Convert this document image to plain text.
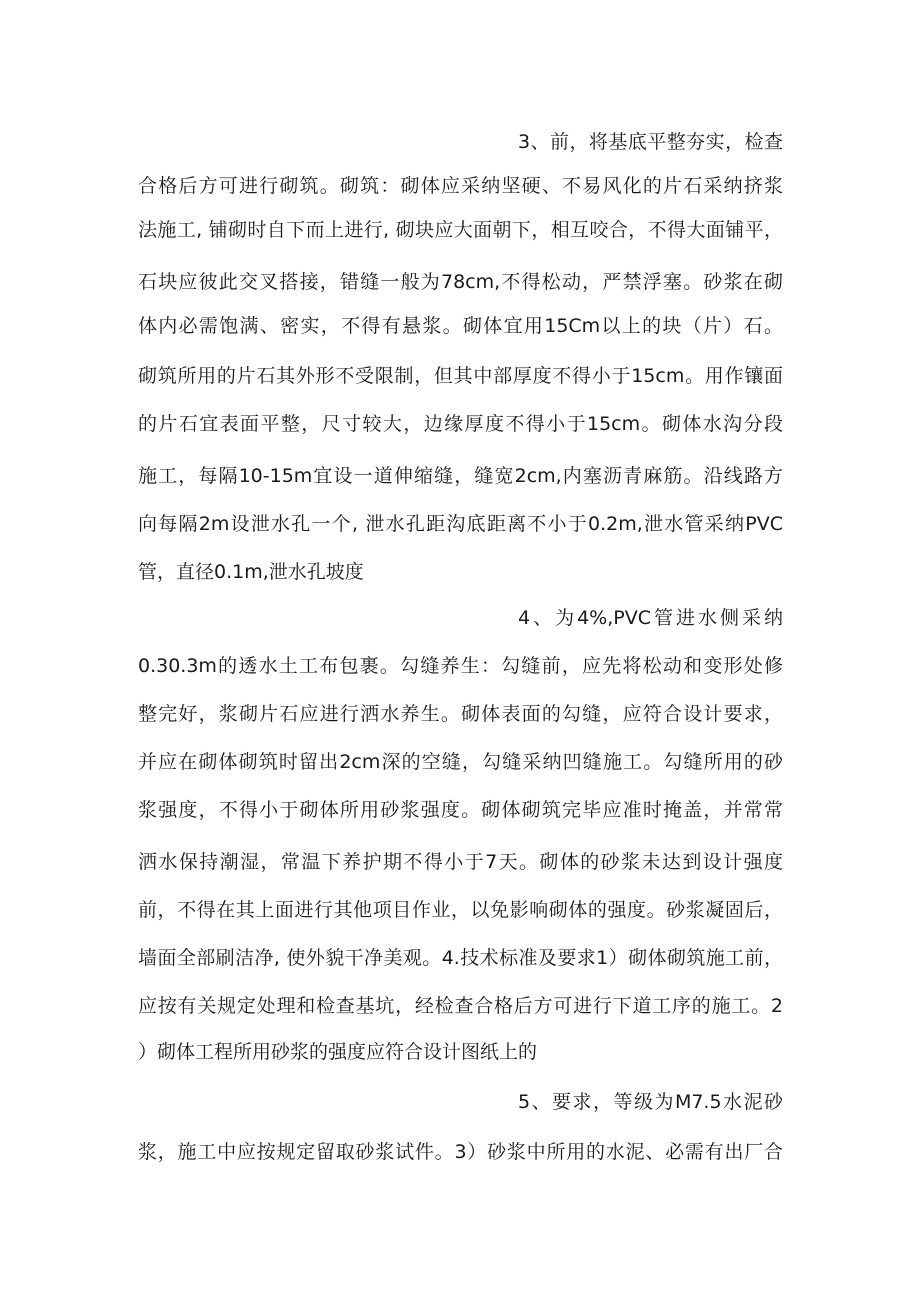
3、前，将基底平整夯实，检查
合格后方可进行砌筑。砌筑：砌体应采纳坚硬、不易风化的片石采纳挤浆
法施工, 铺砌时自下而上进行, 砌块应大面朝下，相互咬合，不得大面铺平，
石块应彼此交叉搭接，错缝一般为78cm,不得松动，严禁浮塞。砂浆在砌
体内必需饱满、密实，不得有悬浆。砌体宜用15Cm以上的块（片）石。
砌筑所用的片石其外形不受限制，但其中部厚度不得小于15cm。用作镶面
的片石宜表面平整，尺寸较大，边缘厚度不得小于15cm。砌体水沟分段
施工，每隔10-15m宜设一道伸缩缝，缝宽2cm,内塞沥青麻筋。沿线路方
向每隔2m设泄水孔一个, 泄水孔距沟底距离不小于0.2m,泄水管采纳PVC
管，直径0.1m,泄水孔坡度
4、为4%,PVC管进水侧采纳
0.30.3m的透水土工布包裹。勾缝养生：勾缝前，应先将松动和变形处修
整完好，浆砌片石应进行洒水养生。砌体表面的勾缝，应符合设计要求，
并应在砌体砌筑时留出2cm深的空缝，勾缝采纳凹缝施工。勾缝所用的砂
浆强度，不得小于砌体所用砂浆强度。砌体砌筑完毕应准时掩盖，并常常
洒水保持潮湿，常温下养护期不得小于7天。砌体的砂浆未达到设计强度
前，不得在其上面进行其他项目作业，以免影响砌体的强度。砂浆凝固后，
墙面全部刷洁净, 使外貌干净美观。4.技术标准及要求1）砌体砌筑施工前，
应按有关规定处理和检查基坑，经检查合格后方可进行下道工序的施工。2
）砌体工程所用砂浆的强度应符合设计图纸上的
5、要求，等级为M7.5水泥砂
浆，施工中应按规定留取砂浆试件。3）砂浆中所用的水泥、必需有出厂合
